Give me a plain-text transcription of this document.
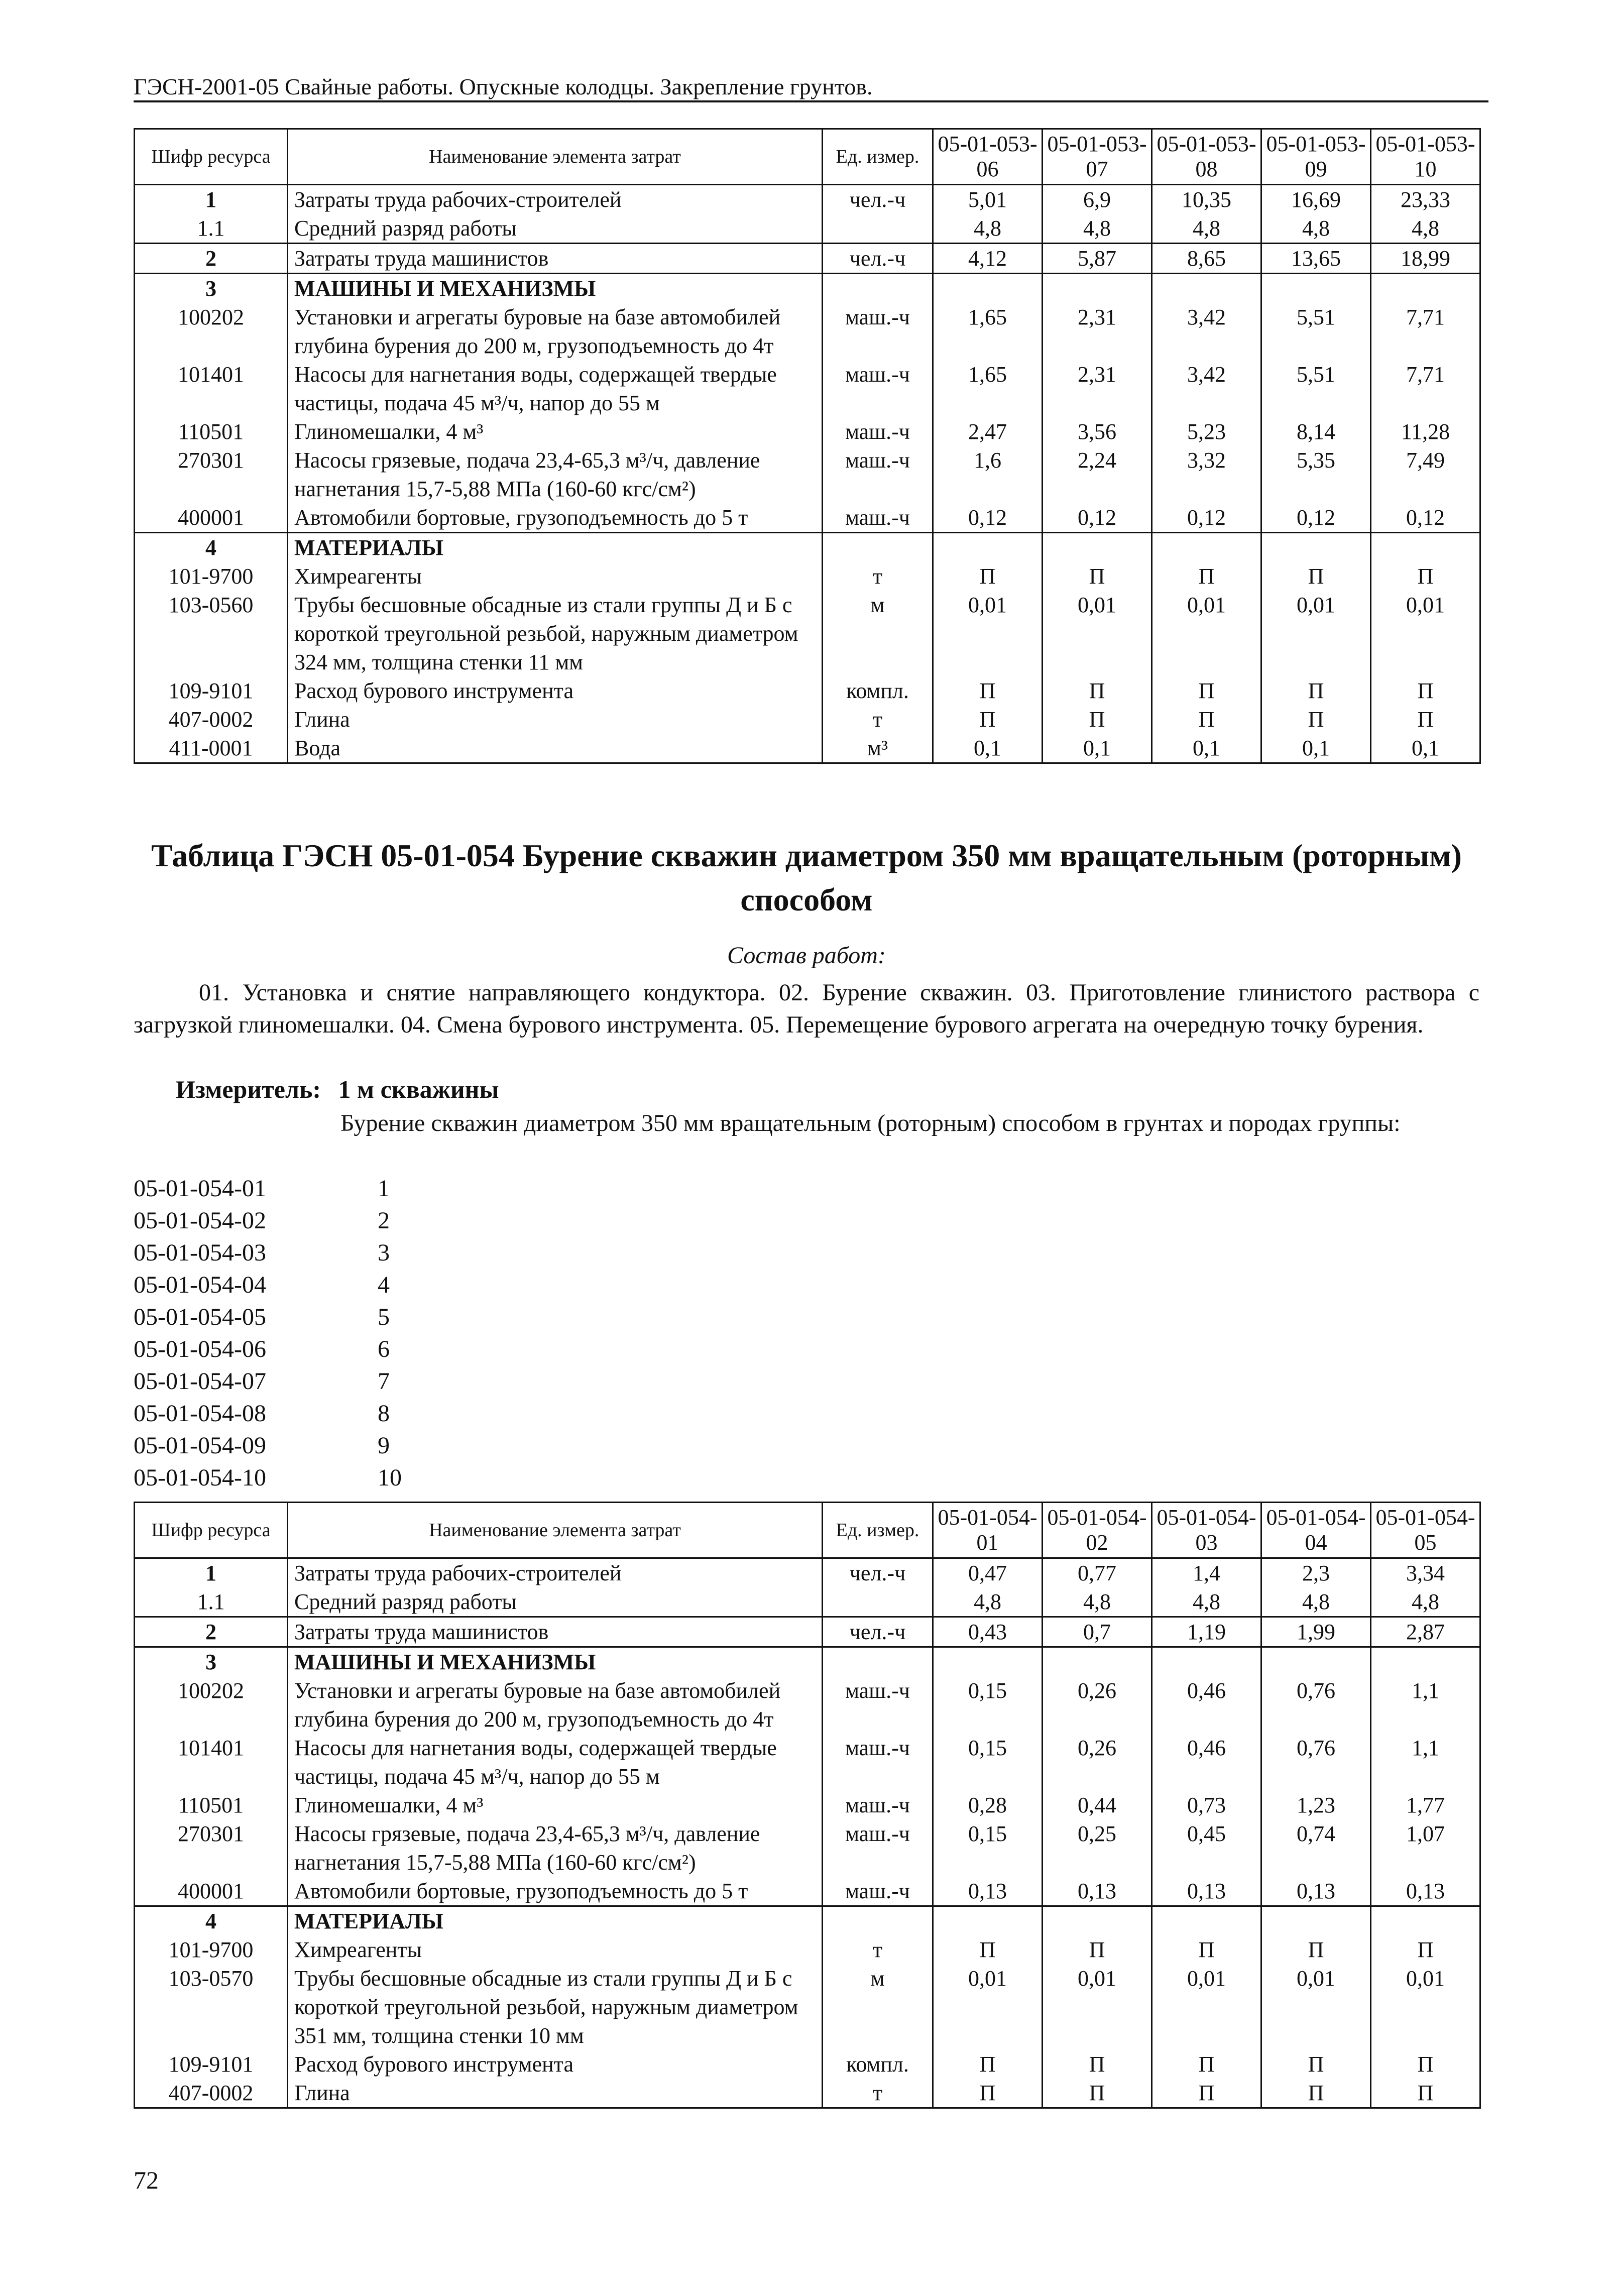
ГЭСН-2001-05 Свайные работы. Опускные колодцы. Закрепление грунтов.
Шифр ресурса	Наименование элемента затрат	Ед. измер.	05-01-053-06	05-01-053-07	05-01-053-08	05-01-053-09	05-01-053-10
1	Затраты труда рабочих-строителей	чел.-ч	5,01	6,9	10,35	16,69	23,33
1.1	Средний разряд работы		4,8	4,8	4,8	4,8	4,8
2	Затраты труда машинистов	чел.-ч	4,12	5,87	8,65	13,65	18,99
3	МАШИНЫ И МЕХАНИЗМЫ						
100202	Установки и агрегаты буровые на базе автомобилей глубина бурения до 200 м, грузоподъемность до 4т	маш.-ч	1,65	2,31	3,42	5,51	7,71
101401	Насосы для нагнетания воды, содержащей твердые частицы, подача 45 м³/ч, напор до 55 м	маш.-ч	1,65	2,31	3,42	5,51	7,71
110501	Глиномешалки, 4 м³	маш.-ч	2,47	3,56	5,23	8,14	11,28
270301	Насосы грязевые, подача 23,4-65,3 м³/ч, давление нагнетания 15,7-5,88 МПа (160-60 кгс/см²)	маш.-ч	1,6	2,24	3,32	5,35	7,49
400001	Автомобили бортовые, грузоподъемность до 5 т	маш.-ч	0,12	0,12	0,12	0,12	0,12
4	МАТЕРИАЛЫ						
101-9700	Химреагенты	т	П	П	П	П	П
103-0560	Трубы бесшовные обсадные из стали группы Д и Б с короткой треугольной резьбой, наружным диаметром 324 мм, толщина стенки 11 мм	м	0,01	0,01	0,01	0,01	0,01
109-9101	Расход бурового инструмента	компл.	П	П	П	П	П
407-0002	Глина	т	П	П	П	П	П
411-0001	Вода	м³	0,1	0,1	0,1	0,1	0,1
Таблица ГЭСН 05-01-054 Бурение скважин диаметром 350 мм вращательным (роторным) способом
Состав работ:
01. Установка и снятие направляющего кондуктора. 02. Бурение скважин. 03. Приготовление глинистого раствора с загрузкой глиномешалки. 04. Смена бурового инструмента. 05. Перемещение бурового агрегата на очередную точку бурения.
Измеритель: 1 м скважины
Бурение скважин диаметром 350 мм вращательным (роторным) способом в грунтах и породах группы:
05-01-054-01	1
05-01-054-02	2
05-01-054-03	3
05-01-054-04	4
05-01-054-05	5
05-01-054-06	6
05-01-054-07	7
05-01-054-08	8
05-01-054-09	9
05-01-054-10	10
Шифр ресурса	Наименование элемента затрат	Ед. измер.	05-01-054-01	05-01-054-02	05-01-054-03	05-01-054-04	05-01-054-05
1	Затраты труда рабочих-строителей	чел.-ч	0,47	0,77	1,4	2,3	3,34
1.1	Средний разряд работы		4,8	4,8	4,8	4,8	4,8
2	Затраты труда машинистов	чел.-ч	0,43	0,7	1,19	1,99	2,87
3	МАШИНЫ И МЕХАНИЗМЫ						
100202	Установки и агрегаты буровые на базе автомобилей глубина бурения до 200 м, грузоподъемность до 4т	маш.-ч	0,15	0,26	0,46	0,76	1,1
101401	Насосы для нагнетания воды, содержащей твердые частицы, подача 45 м³/ч, напор до 55 м	маш.-ч	0,15	0,26	0,46	0,76	1,1
110501	Глиномешалки, 4 м³	маш.-ч	0,28	0,44	0,73	1,23	1,77
270301	Насосы грязевые, подача 23,4-65,3 м³/ч, давление нагнетания 15,7-5,88 МПа (160-60 кгс/см²)	маш.-ч	0,15	0,25	0,45	0,74	1,07
400001	Автомобили бортовые, грузоподъемность до 5 т	маш.-ч	0,13	0,13	0,13	0,13	0,13
4	МАТЕРИАЛЫ						
101-9700	Химреагенты	т	П	П	П	П	П
103-0570	Трубы бесшовные обсадные из стали группы Д и Б с короткой треугольной резьбой, наружным диаметром 351 мм, толщина стенки 10 мм	м	0,01	0,01	0,01	0,01	0,01
109-9101	Расход бурового инструмента	компл.	П	П	П	П	П
407-0002	Глина	т	П	П	П	П	П
72
